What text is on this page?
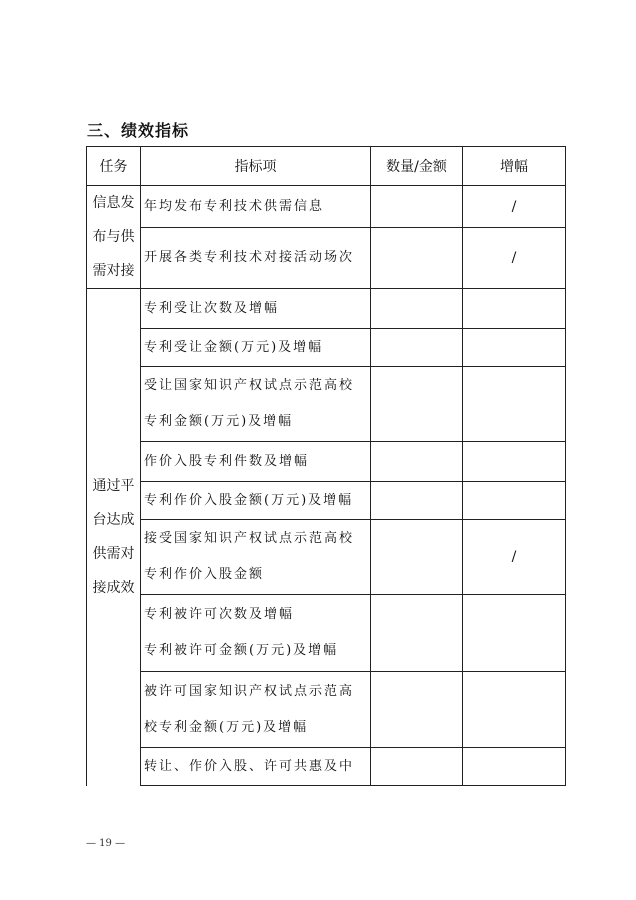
三、绩效指标
任务	指标项	数量/金额	增幅

信息发
布与供
需对接	年均发布专利技术供需信息		/

	开展各类专利技术对接活动场次		/

通过平
台达成
供需对
接成效	专利受让次数及增幅		

	专利受让金额(万元)及增幅		

	受让国家知识产权试点示范高校
专利金额(万元)及增幅		

	作价入股专利件数及增幅		

	专利作价入股金额(万元)及增幅		

	接受国家知识产权试点示范高校
专利作价入股金额		/

	专利被许可次数及增幅
专利被许可金额(万元)及增幅		

	被许可国家知识产权试点示范高
校专利金额(万元)及增幅		

	转让、作价入股、许可共惠及中		

— 19 —
